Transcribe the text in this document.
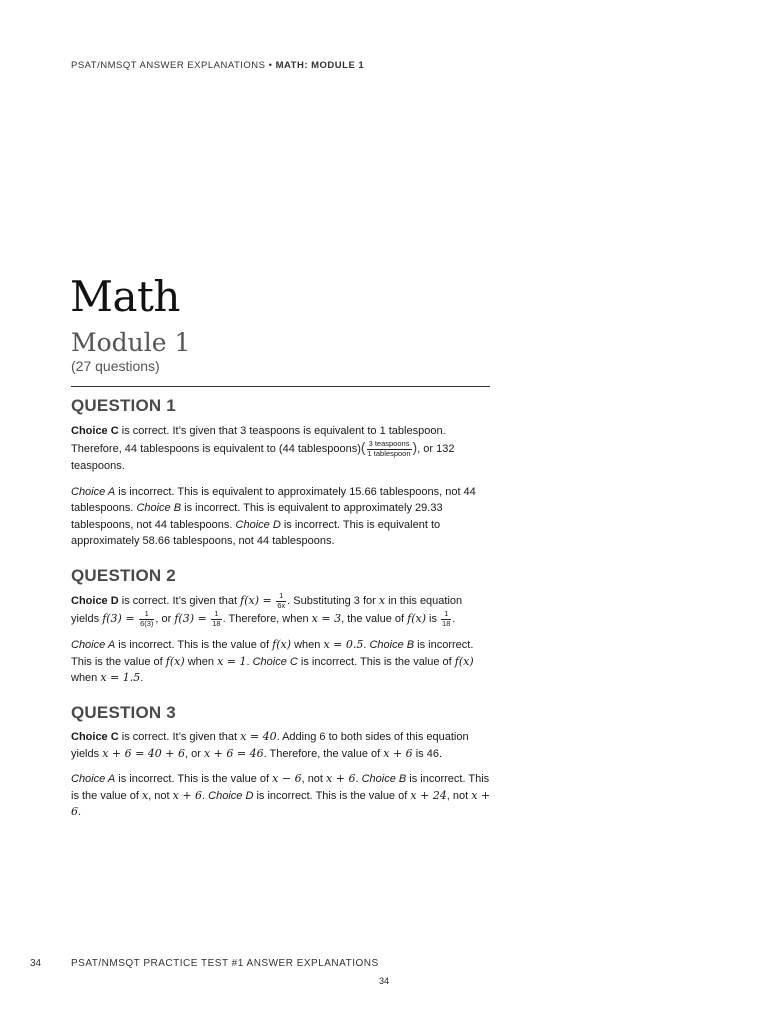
PSAT/NMSQT ANSWER EXPLANATIONS • MATH: MODULE 1
Math
Module 1
(27 questions)
QUESTION 1

Choice C is correct. It’s given that 3 teaspoons is equivalent to 1 tablespoon. Therefore, 44 tablespoons is equivalent to (44 tablespoons)( $\frac{\text{3 teaspoons}}{\text{1 tablespoon}}$ ), or 132 teaspoons.

Choice A is incorrect. This is equivalent to approximately 15.66 tablespoons, not 44 tablespoons. Choice B is incorrect. This is equivalent to approximately 29.33 tablespoons, not 44 tablespoons. Choice D is incorrect. This is equivalent to approximately 58.66 tablespoons, not 44 tablespoons.

QUESTION 2

Choice D is correct. It’s given that $f(x) = \frac{1}{6x}$ . Substituting 3 for x in this equation yields $f(3) = \frac{1}{6(3)}$ , or $f(3) = \frac{1}{18}$ . Therefore, when x = 3, the value of f(x) is $\frac{1}{18}$ .

Choice A is incorrect. This is the value of f(x) when x = 0.5. Choice B is incorrect. This is the value of f(x) when x = 1. Choice C is incorrect. This is the value of f(x) when x = 1.5.

QUESTION 3

Choice C is correct. It’s given that x = 40. Adding 6 to both sides of this equation yields x + 6 = 40 + 6, or x + 6 = 46. Therefore, the value of x + 6 is 46.

Choice A is incorrect. This is the value of x − 6, not x + 6. Choice B is incorrect. This is the value of x, not x + 6. Choice D is incorrect. This is the value of x + 24, not x + 6.

34	PSAT/NMSQT PRACTICE TEST #1 ANSWER EXPLANATIONS
34
